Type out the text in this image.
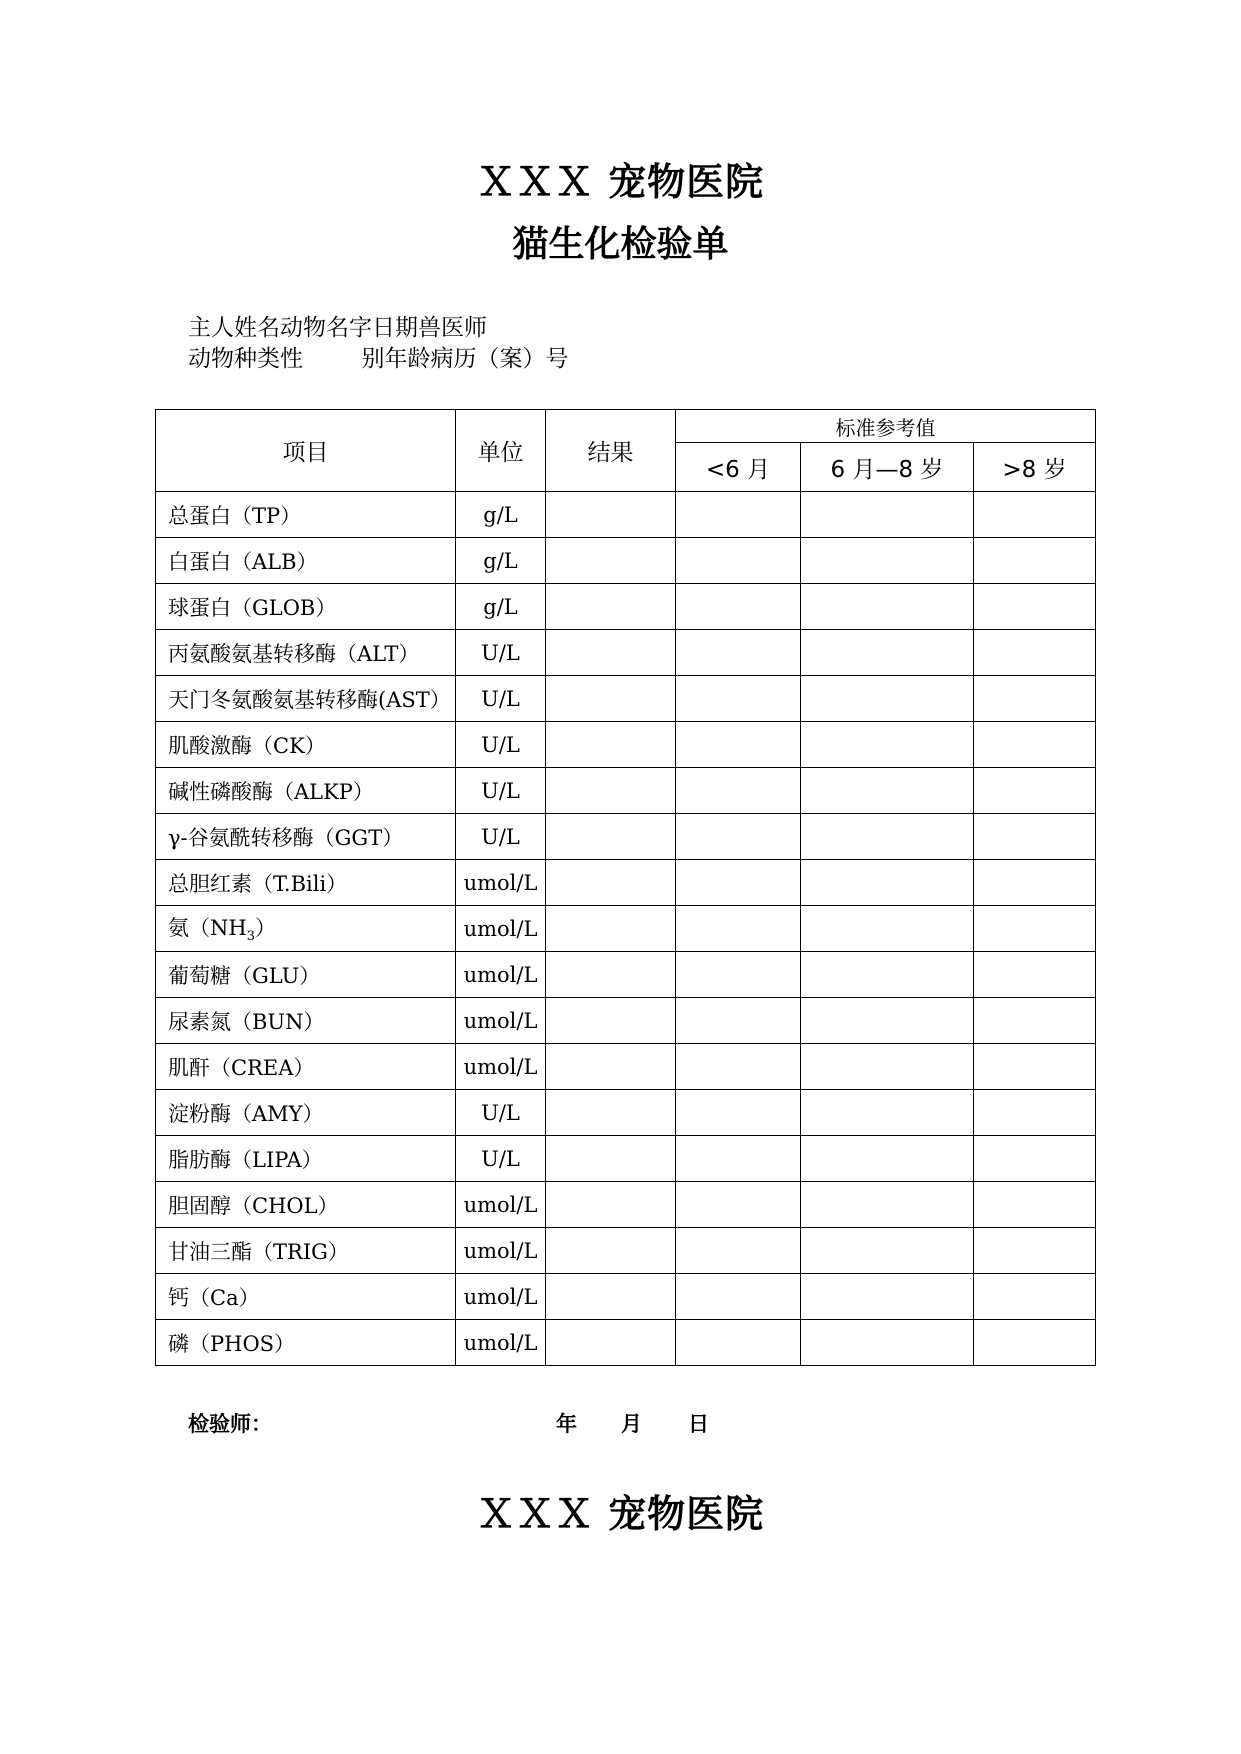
ＸＸＸ 宠物医院
猫生化检验单
主人姓名动物名字日期兽医师
动物种类性        别年龄病历（案）号
项目	单位	结果	标准参考值		
			<6 月	6 月—8 岁	>8 岁
总蛋白（TP）	g/L				
白蛋白（ALB）	g/L				
球蛋白（GLOB）	g/L				
丙氨酸氨基转移酶（ALT）	U/L				
天门冬氨酸氨基转移酶(AST）	U/L				
肌酸激酶（CK）	U/L				
碱性磷酸酶（ALKP）	U/L				
γ-谷氨酰转移酶（GGT）	U/L				
总胆红素（T.Bili）	umol/L				
氨$(NH_3)$	umol/L				
葡萄糖（GLU）	umol/L				
尿素氮（BUN）	umol/L				
肌酐（CREA）	umol/L				
淀粉酶（AMY）	U/L				
脂肪酶（LIPA）	U/L				
胆固醇（CHOL）	umol/L				
甘油三酯（TRIG）	umol/L				
钙（Ca）	umol/L				
磷（PHOS）	umol/L				
检验师：	年 月 日
ＸＸＸ 宠物医院
